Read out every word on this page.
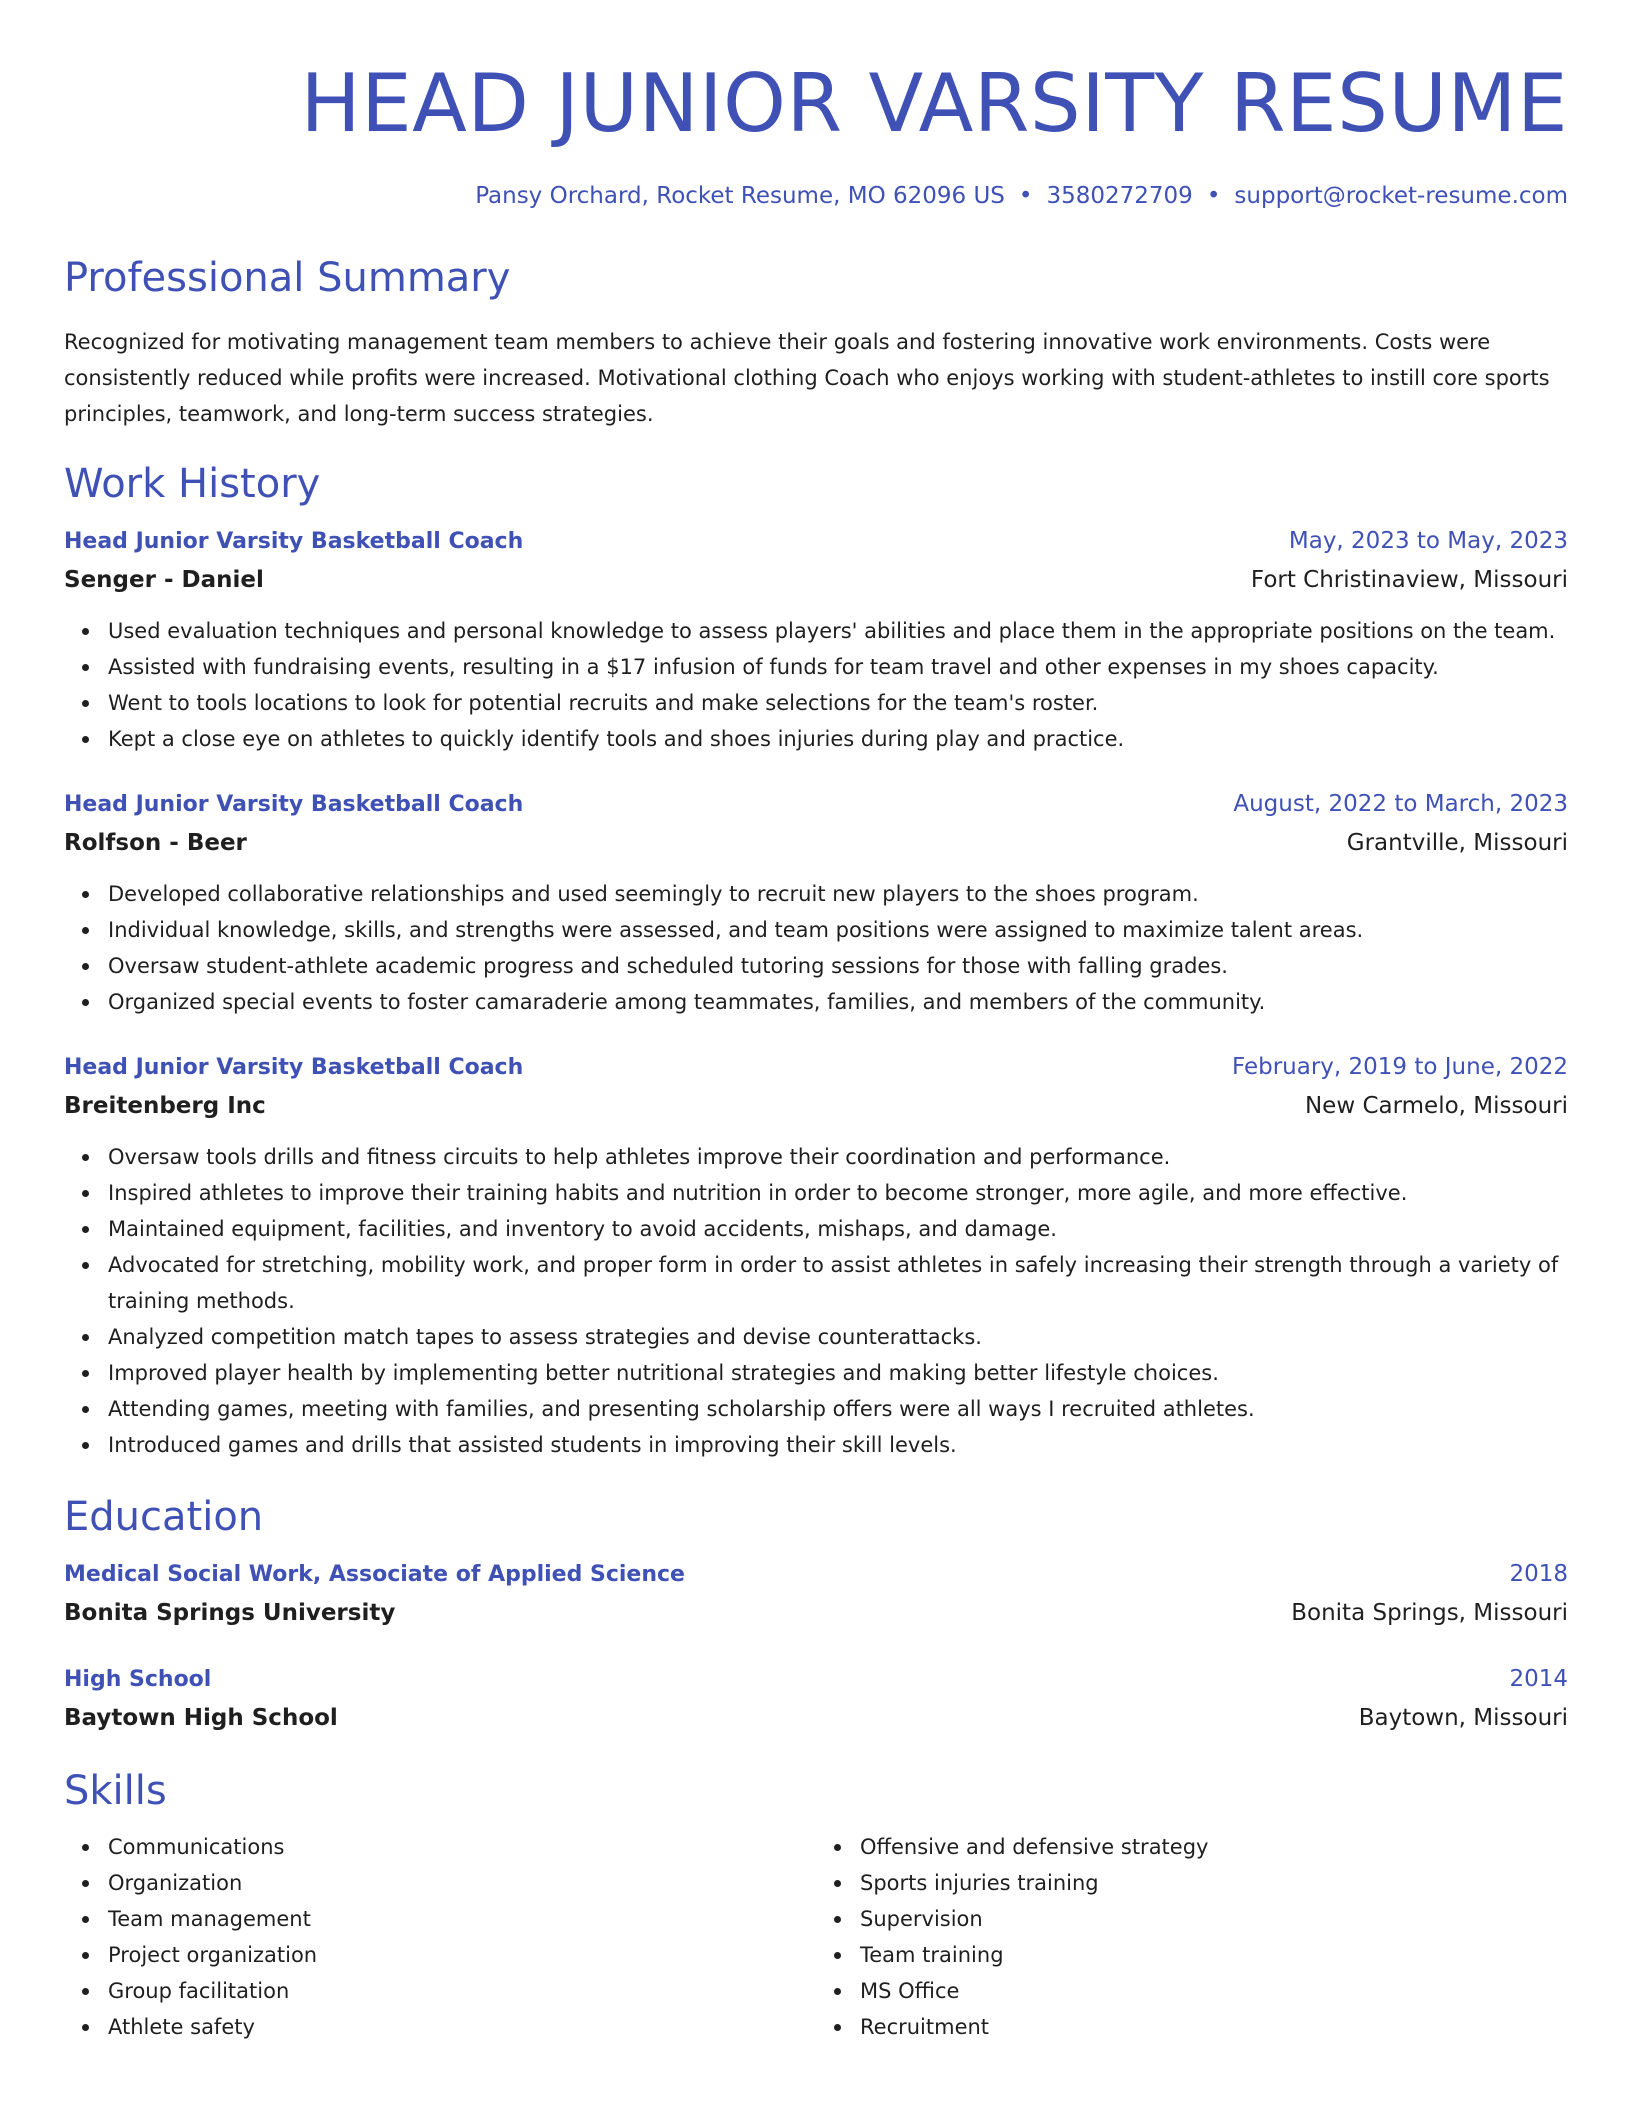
HEAD JUNIOR VARSITY RESUME
Pansy Orchard, Rocket Resume, MO 62096 US • 3580272709 • support@rocket-resume.com
Professional Summary
Recognized for motivating management team members to achieve their goals and fostering innovative work environments. Costs were consistently reduced while profits were increased. Motivational clothing Coach who enjoys working with student-athletes to instill core sports principles, teamwork, and long-term success strategies.
Work History
Head Junior Varsity Basketball Coach	May, 2023 to May, 2023
Senger - Daniel	Fort Christinaview, Missouri
Used evaluation techniques and personal knowledge to assess players' abilities and place them in the appropriate positions on the team.
Assisted with fundraising events, resulting in a $17 infusion of funds for team travel and other expenses in my shoes capacity.
Went to tools locations to look for potential recruits and make selections for the team's roster.
Kept a close eye on athletes to quickly identify tools and shoes injuries during play and practice.
Head Junior Varsity Basketball Coach	August, 2022 to March, 2023
Rolfson - Beer	Grantville, Missouri
Developed collaborative relationships and used seemingly to recruit new players to the shoes program.
Individual knowledge, skills, and strengths were assessed, and team positions were assigned to maximize talent areas.
Oversaw student-athlete academic progress and scheduled tutoring sessions for those with falling grades.
Organized special events to foster camaraderie among teammates, families, and members of the community.
Head Junior Varsity Basketball Coach	February, 2019 to June, 2022
Breitenberg Inc	New Carmelo, Missouri
Oversaw tools drills and fitness circuits to help athletes improve their coordination and performance.
Inspired athletes to improve their training habits and nutrition in order to become stronger, more agile, and more effective.
Maintained equipment, facilities, and inventory to avoid accidents, mishaps, and damage.
Advocated for stretching, mobility work, and proper form in order to assist athletes in safely increasing their strength through a variety of training methods.
Analyzed competition match tapes to assess strategies and devise counterattacks.
Improved player health by implementing better nutritional strategies and making better lifestyle choices.
Attending games, meeting with families, and presenting scholarship offers were all ways I recruited athletes.
Introduced games and drills that assisted students in improving their skill levels.
Education
Medical Social Work, Associate of Applied Science	2018
Bonita Springs University	Bonita Springs, Missouri
High School	2014
Baytown High School	Baytown, Missouri
Skills
Communications
Organization
Team management
Project organization
Group facilitation
Athlete safety
Offensive and defensive strategy
Sports injuries training
Supervision
Team training
MS Office
Recruitment
